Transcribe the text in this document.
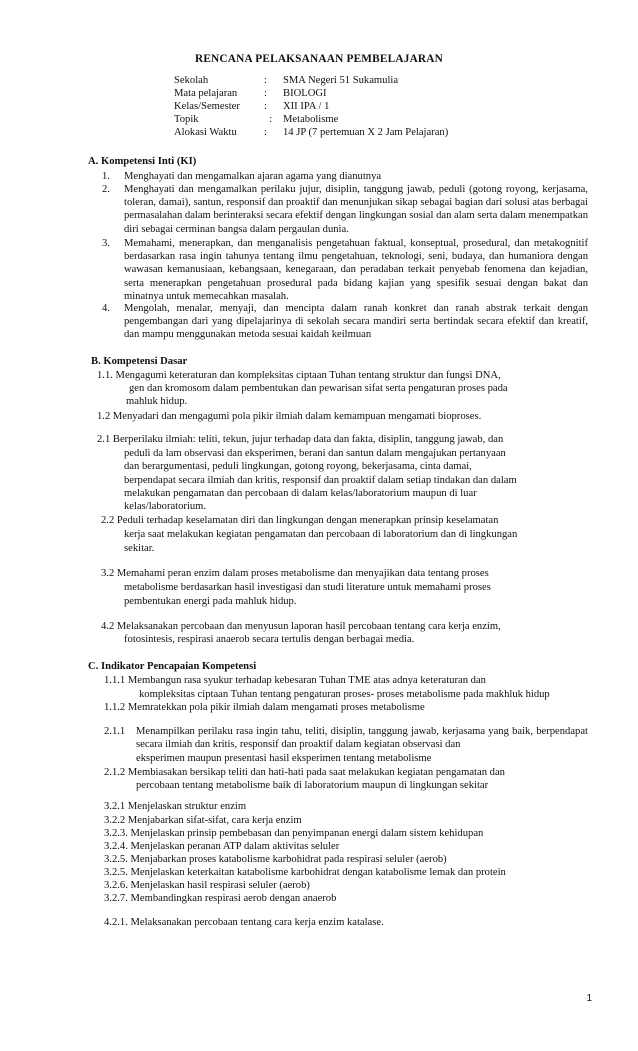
RENCANA PELAKSANAAN PEMBELAJARAN
Sekolah	:	SMA Negeri 51 Sukamulia
Mata pelajaran	:	BIOLOGI
Kelas/Semester	:	XII IPA / 1
Topik	:	Metabolisme
Alokasi Waktu	:	14 JP (7 pertemuan X 2 Jam Pelajaran)
A. Kompetensi Inti (KI)
1. Menghayati dan mengamalkan ajaran agama yang dianutnya
2. Menghayati dan mengamalkan perilaku jujur, disiplin, tanggung jawab, peduli (gotong royong, kerjasama, toleran, damai), santun, responsif dan proaktif dan menunjukan sikap sebagai bagian dari solusi atas berbagai permasalahan dalam berinteraksi secara efektif dengan lingkungan sosial dan alam serta dalam menempatkan diri sebagai cerminan bangsa dalam pergaulan dunia.
3. Memahami, menerapkan, dan menganalisis pengetahuan faktual, konseptual, prosedural, dan metakognitif berdasarkan rasa ingin tahunya tentang ilmu pengetahuan, teknologi, seni, budaya, dan humaniora dengan wawasan kemanusiaan, kebangsaan, kenegaraan, dan peradaban terkait penyebab fenomena dan kejadian, serta menerapkan pengetahuan prosedural pada bidang kajian yang spesifik sesuai dengan bakat dan minatnya untuk memecahkan masalah.
4. Mengolah, menalar, menyaji, dan mencipta dalam ranah konkret dan ranah abstrak terkait dengan pengembangan dari yang dipelajarinya di sekolah secara mandiri serta bertindak secara efektif dan kreatif, dan mampu menggunakan metoda sesuai kaidah keilmuan
B. Kompetensi Dasar
1.1. Mengagumi keteraturan dan kompleksitas ciptaan Tuhan tentang struktur dan fungsi DNA,
gen dan kromosom dalam pembentukan dan pewarisan sifat serta pengaturan proses pada
mahluk hidup.
1.2 Menyadari dan mengagumi pola pikir ilmiah dalam kemampuan mengamati bioproses.
2.1 Berperilaku ilmiah: teliti, tekun, jujur terhadap data dan fakta, disiplin, tanggung jawab, dan
peduli da lam observasi dan eksperimen, berani dan santun dalam mengajukan pertanyaan
dan berargumentasi, peduli lingkungan, gotong royong, bekerjasama, cinta damai,
berpendapat secara ilmiah dan kritis, responsif dan proaktif dalam setiap tindakan dan dalam
melakukan pengamatan dan percobaan di dalam kelas/laboratorium maupun di luar
kelas/laboratorium.
2.2 Peduli terhadap keselamatan diri dan lingkungan dengan menerapkan prinsip keselamatan
kerja saat melakukan kegiatan pengamatan dan percobaan di laboratorium dan di lingkungan
sekitar.
3.2 Memahami peran enzim dalam proses metabolisme dan menyajikan data tentang proses
metabolisme berdasarkan hasil investigasi dan studi literature untuk memahami proses
pembentukan energi pada mahluk hidup.
4.2 Melaksanakan percobaan dan menyusun laporan hasil percobaan tentang cara kerja enzim,
fotosintesis, respirasi anaerob secara tertulis dengan berbagai media.
C. Indikator Pencapaian Kompetensi
1.1.1 Membangun rasa syukur terhadap kebesaran Tuhan TME atas adnya keteraturan dan
kompleksitas ciptaan Tuhan tentang pengaturan proses- proses metabolisme pada makhluk hidup
1.1.2 Memratekkan pola pikir ilmiah dalam mengamati proses metabolisme
2.1.1 Menampilkan perilaku rasa ingin tahu, teliti, disiplin, tanggung jawab, kerjasama yang baik, berpendapat secara ilmiah dan kritis, responsif dan proaktif dalam kegiatan observasi dan
eksperimen maupun presentasi hasil eksperimen tentang metabolisme
2.1.2 Membiasakan bersikap teliti dan hati-hati pada saat melakukan kegiatan pengamatan dan
percobaan tentang metabolisme baik di laboratorium maupun di lingkungan sekitar
3.2.1 Menjelaskan struktur enzim
3.2.2 Menjabarkan sifat-sifat, cara kerja enzim
3.2.3. Menjelaskan prinsip pembebasan dan penyimpanan energi dalam sistem kehidupan
3.2.4. Menjelaskan peranan ATP dalam aktivitas seluler
3.2.5. Menjabarkan proses katabolisme karbohidrat pada respirasi seluler (aerob)
3.2.5. Menjelaskan keterkaitan katabolisme karbohidrat dengan katabolisme lemak dan protein
3.2.6. Menjelaskan hasil respirasi seluler (aerob)
3.2.7. Membandingkan respirasi aerob dengan anaerob
4.2.1. Melaksanakan percobaan tentang cara kerja enzim katalase.
1
